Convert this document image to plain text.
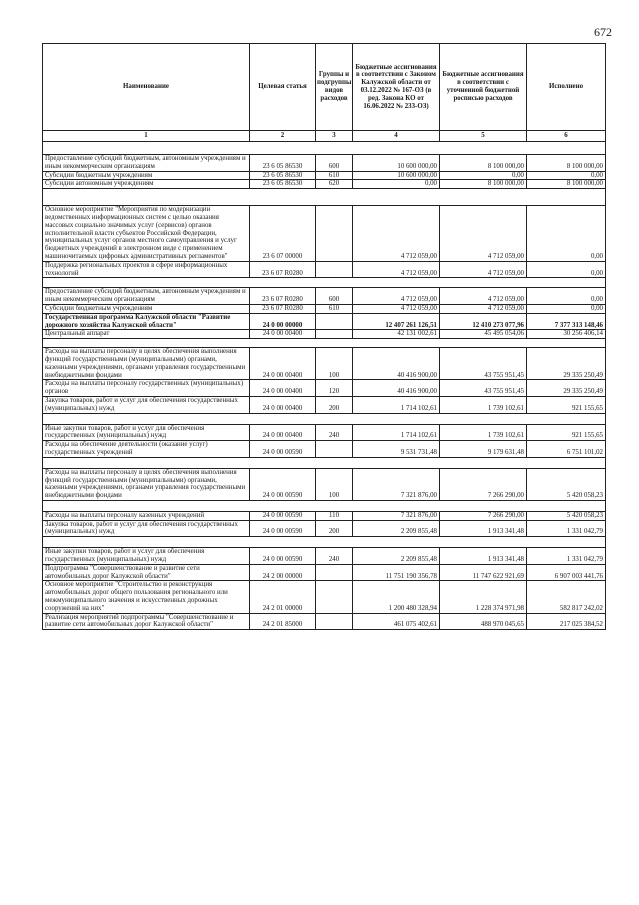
672
Наименование	Целевая статья	Группы и подгруппы видов расходов	Бюджетные ассигнования в соответствии с Законом Калужской области от 03.12.2022 № 167-ОЗ (в ред. Закона КО от 16.06.2022 № 233-ОЗ)	Бюджетные ассигнования в соответствии с уточненной бюджетной росписью расходов	Исполнено
1	2	3	4	5	6

Предоставление субсидий бюджетным, автономным учреждениям и иным некоммерческим организациям	23 6 05 86530	600	10 600 000,00	8 100 000,00	8 100 000,00
Субсидии бюджетным учреждениям	23 6 05 86530	610	10 600 000,00	0,00	0,00
Субсидии автономным учреждениям	23 6 05 86530	620	0,00	8 100 000,00	8 100 000,00

Основное мероприятие "Мероприятия по модернизации ведомственных информационных систем с целью оказания массовых социально значимых услуг (сервисов) органов исполнительной власти субъектов Российской Федерации, муниципальных услуг органов местного самоуправления и услуг бюджетных учреждений в электронном виде с применением машиночитаемых цифровых административных регламентов"	23 6 07 00000		4 712 059,00	4 712 059,00	0,00
Поддержка региональных проектов в сфере информационных технологий	23 6 07 R0280		4 712 059,00	4 712 059,00	0,00

Предоставление субсидий бюджетным, автономным учреждениям и иным некоммерческим организациям	23 6 07 R0280	600	4 712 059,00	4 712 059,00	0,00
Субсидии бюджетным учреждениям	23 6 07 R0280	610	4 712 059,00	4 712 059,00	0,00
Государственная программа Калужской области "Развитие дорожного хозяйства Калужской области"	24 0 00 00000		12 407 261 126,51	12 410 273 077,96	7 377 313 148,46
Центральный аппарат	24 0 00 00400		42 131 002,61	45 495 054,06	30 256 406,14

Расходы на выплаты персоналу в целях обеспечения выполнения функций государственными (муниципальными) органами, казенными учреждениями, органами управления государственными внебюджетными фондами	24 0 00 00400	100	40 416 900,00	43 755 951,45	29 335 250,49
Расходы на выплаты персоналу государственных (муниципальных) органов	24 0 00 00400	120	40 416 900,00	43 755 951,45	29 335 250,49
Закупка товаров, работ и услуг для обеспечения государственных (муниципальных) нужд	24 0 00 00400	200	1 714 102,61	1 739 102,61	921 155,65

Иные закупки товаров, работ и услуг для обеспечения государственных (муниципальных) нужд	24 0 00 00400	240	1 714 102,61	1 739 102,61	921 155,65
Расходы на обеспечение деятельности (оказание услуг) государственных учреждений	24 0 00 00590		9 531 731,48	9 179 631,48	6 751 101,02

Расходы на выплаты персоналу в целях обеспечения выполнения функций государственными (муниципальными) органами, казенными учреждениями, органами управления государственными внебюджетными фондами	24 0 00 00590	100	7 321 876,00	7 266 290,00	5 420 058,23

Расходы на выплаты персоналу казенных учреждений	24 0 00 00590	110	7 321 876,00	7 266 290,00	5 420 058,23
Закупка товаров, работ и услуг для обеспечения государственных (муниципальных) нужд	24 0 00 00590	200	2 209 855,48	1 913 341,48	1 331 042,79

Иные закупки товаров, работ и услуг для обеспечения государственных (муниципальных) нужд	24 0 00 00590	240	2 209 855,48	1 913 341,48	1 331 042,79
Подпрограмма "Совершенствование и развитие сети автомобильных дорог Калужской области"	24 2 00 00000		11 751 190 356,78	11 747 622 921,69	6 907 003 441,76
Основное мероприятие "Строительство и реконструкция автомобильных дорог общего пользования регионального или межмуниципального значения и искусственных дорожных сооружений на них"	24 2 01 00000		1 200 480 328,94	1 228 374 971,98	582 817 242,02
Реализация мероприятий подпрограммы "Совершенствование и развитие сети автомобильных дорог Калужской области"	24 2 01 85000		461 075 402,61	488 970 045,65	217 025 384,52
